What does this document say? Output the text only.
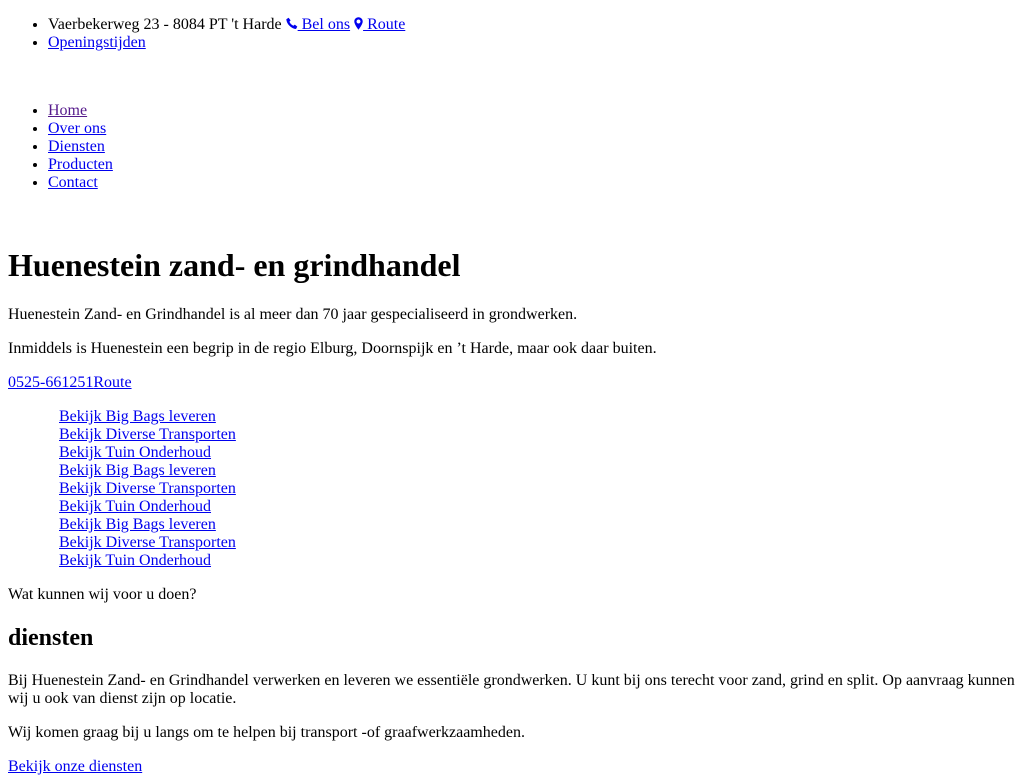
• Vaerbekerweg 23 - 8084 PT 't Harde  Bel ons  Route
• Openingstijden
• Home
• Over ons
• Diensten
• Producten
• Contact
Huenestein zand- en grindhandel

Huenestein Zand- en Grindhandel is al meer dan 70 jaar gespecialiseerd in grondwerken.

Inmiddels is Huenestein een begrip in de regio Elburg, Doornspijk en ’t Harde, maar ook daar buiten.

0525-661251Route

Bekijk Big Bags leveren
Bekijk Diverse Transporten
Bekijk Tuin Onderhoud
Bekijk Big Bags leveren
Bekijk Diverse Transporten
Bekijk Tuin Onderhoud
Bekijk Big Bags leveren
Bekijk Diverse Transporten
Bekijk Tuin Onderhoud

Wat kunnen wij voor u doen?

diensten

Bij Huenestein Zand- en Grindhandel verwerken en leveren we essentiële grondwerken. U kunt bij ons terecht voor zand, grind en split. Op aanvraag kunnen wij u ook van dienst zijn op locatie.

Wij komen graag bij u langs om te helpen bij transport -of graafwerkzaamheden.

Bekijk onze diensten
